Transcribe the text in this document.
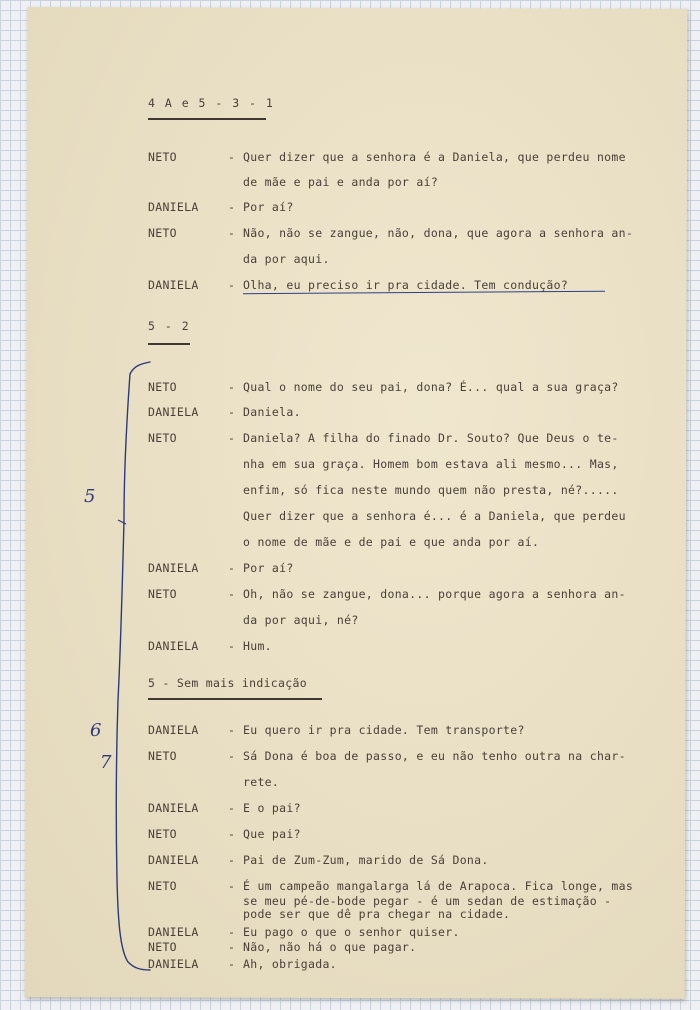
4 A e 5 - 3 - 1
5 - 2
5 - Sem mais indicação
NETO	- Quer dizer que a senhora é a Daniela, que perdeu nome
de mãe e pai e anda por aí?
DANIELA	- Por aí?
NETO	- Não, não se zangue, não, dona, que agora a senhora an-
da por aqui.
DANIELA	- Olha, eu preciso ir pra cidade. Tem condução?
NETO	- Qual o nome do seu pai, dona? É... qual a sua graça?
DANIELA	- Daniela.
NETO	- Daniela? A filha do finado Dr. Souto? Que Deus o te-
nha em sua graça. Homem bom estava ali mesmo... Mas,
enfim, só fica neste mundo quem não presta, né?.....
Quer dizer que a senhora é... é a Daniela, que perdeu
o nome de mãe e de pai e que anda por aí.
DANIELA	- Por aí?
NETO	- Oh, não se zangue, dona... porque agora a senhora an-
da por aqui, né?
DANIELA	- Hum.
DANIELA	- Eu quero ir pra cidade. Tem transporte?
NETO	- Sá Dona é boa de passo, e eu não tenho outra na char-
rete.
DANIELA	- E o pai?
NETO	- Que pai?
DANIELA	- Pai de Zum-Zum, marido de Sá Dona.
NETO	- É um campeão mangalarga lá de Arapoca. Fica longe, mas
se meu pé-de-bode pegar - é um sedan de estimação -
pode ser que dê pra chegar na cidade.
DANIELA	- Eu pago o que o senhor quiser.
NETO	- Não, não há o que pagar.
DANIELA	- Ah, obrigada.
5
6
7
